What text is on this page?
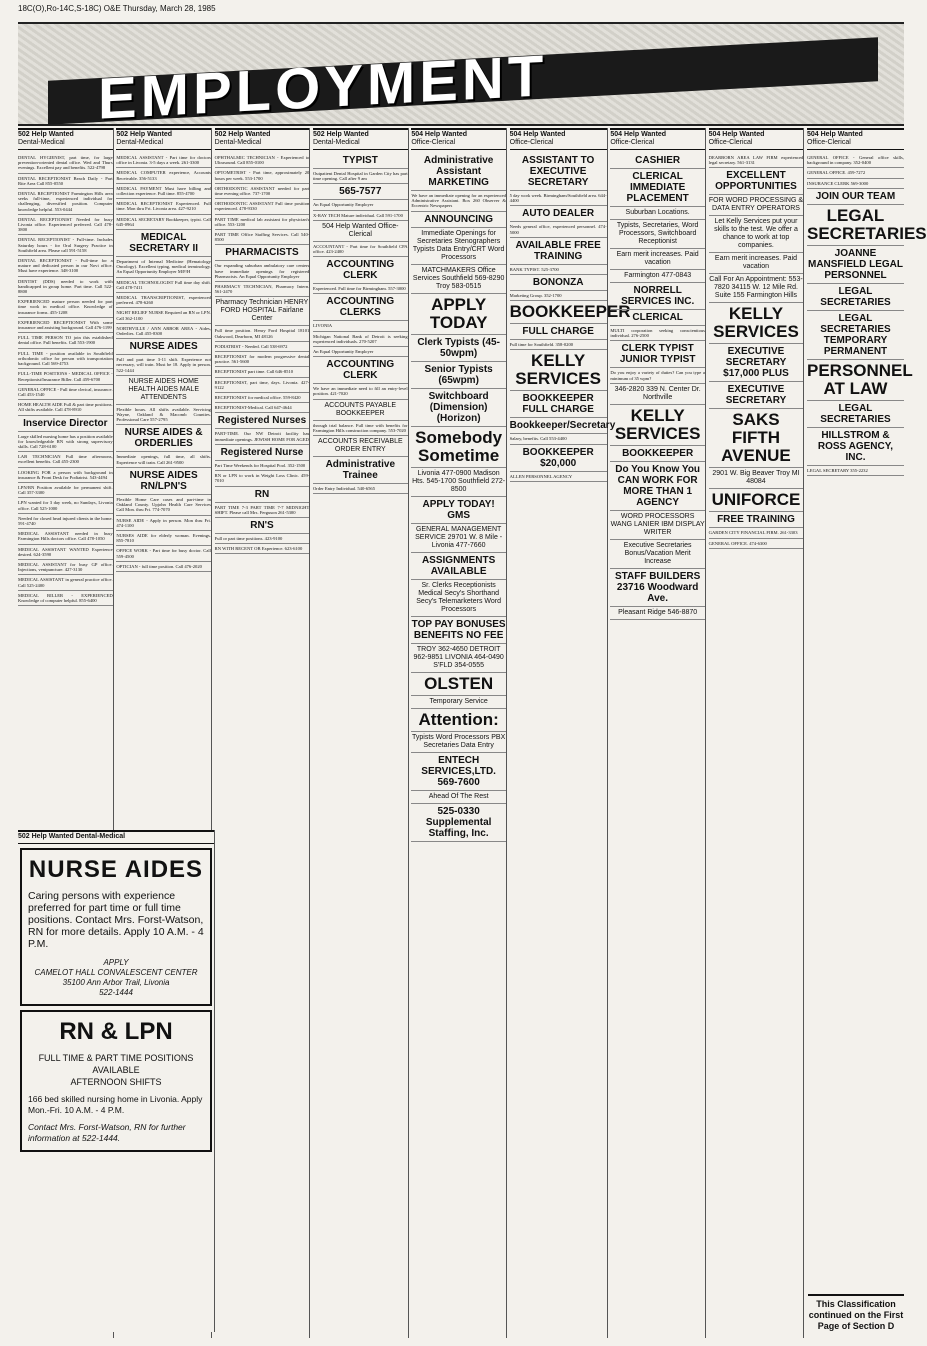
18C(O),Ro-14C,S-18C) O&E Thursday, March 28, 1985
EMPLOYMENT
502 Help Wanted
Dental-Medical
DENTAL HYGIENIST, part time, for large prevention-oriented dental office. Wed and Thurs evenings. Excellent pay and benefits. 522-4798
DENTAL RECEPTIONIST Beach Daily - Part Rite Area Call 855-0550
DENTAL RECEPTIONIST Farmington Hills area seeks full-time, experienced individual for challenging, diversified position. Computer knowledge helpful. 553-0444
DENTAL RECEPTIONIST Needed for busy Livonia office. Experienced preferred. Call 478-3800
DENTAL RECEPTIONIST - Full-time. Includes Saturday hours - for Oral Surgery Practice in Southfield area. Please call 591-5158
DENTAL RECEPTIONIST - Full-time for a mature and dedicated person in our Novi office. Must have experience. 348-3100
DENTIST (DDS) needed to work with handicapped in group home. Part time. Call 522-8800
EXPERIENCED mature person needed for part time work in medical office. Knowledge of insurance forms. 455-1208
EXPERIENCED RECEPTIONIST With some insurance and assisting background. Call 476-1199
FULL TIME PERSON TO join this established dental office. Full benefits. Call 553-1900
FULL TIME - position available in Southfield orthodontic office for person with transportation background. Call 569-4753
FULL-TIME POSITIONS - MEDICAL OFFICE - Receptionist/Insurance Biller. Call 459-6700
GENERAL OFFICE - Full time clerical, insurance. Call 453-1540
HOME HEALTH AIDE Full & part time positions. All shifts available. Call 478-8910
Inservice Director
Large skilled nursing home has a position available for knowledgeable RN with strong supervisory skills. Call 728-6100
LAB TECHNICIAN Full time afternoons, excellent benefits. Call 455-2300
LOOKING FOR a person with background in insurance & Front Desk for Podiatrist. 543-4494
LPN/RN Position available for permanent shift. Call 357-3300
LPN wanted for 3 day week, no Sundays, Livonia office. Call 525-1000
Needed for closed head injured clients in the home. 591-4740
MEDICAL ASSISTANT needed in busy Farmington Hills doctors office. Call 478-1050
MEDICAL ASSISTANT WANTED Experience desired. 624-3590
MEDICAL ASSISTANT for busy GP office. Injections, venipuncture. 427-3130
MEDICAL ASSISTANT in general practice office. Call 525-2400
MEDICAL BILLER - EXPERIENCED Knowledge of computer helpful. 855-6400
502 Help Wanted
Dental-Medical
MEDICAL ASSISTANT - Part time for doctors office in Livonia. 3-5 days a week. 261-3300
MEDICAL COMPUTER experience, Accounts Receivable. 356-5133
MEDICAL PAYMENT Must have billing and collection experience. Full time. 855-4700
MEDICAL RECEPTIONIST Experienced. Full time. Mon thru Fri. Livonia area. 427-9210
MEDICAL SECRETARY Bookkeeper, typist. Call 645-0964
MEDICAL SECRETARY II
Department of Internal Medicine (Hematology Oncology). Excellent typing, medical terminology. An Equal Opportunity Employer M/F/H
MEDICAL TECHNOLOGIST Full time day shift. Call 478-7411
MEDICAL TRANSCRIPTIONIST, experienced preferred. 478-6260
NIGHT RELIEF NURSE Required an RN or LPN. Call 362-1100
NORTHVILLE / ANN ARBOR AREA - Aides, Orderlies. Call 455-8300
NURSE AIDES
Full and part time 3-11 shift. Experience not necessary, will train. Must be 18. Apply in person. 522-1444
NURSE AIDES HOME HEALTH AIDES MALE ATTENDENTS
Flexible hours. All shifts available. Servicing Wayne, Oakland & Macomb Counties. Professional Care 557-2795
NURSE AIDES & ORDERLIES
Immediate openings, full time, all shifts. Experience will train. Call 261-9500
NURSE AIDES RN/LPN'S
Flexible Home Care cases and part-time in Oakland County. Upjohn Health Care Services Call Mon. thru Fri. 774-7070
NURSE AIDE - Apply in person. Mon thru Fri. 474-1100
NURSES AIDE for elderly woman. Evenings. 855-7810
OFFICE WORK - Part time for busy doctor. Call 559-4500
OPTICIAN - full time position. Call 476-2020
502 Help Wanted
Dental-Medical
OPHTHALMIC TECHNICIAN - Experienced to Ultrasound. Call 855-0100
OPTOMETRIST - Part time, approximately 20 hours per week. 553-1700
ORTHODONTIC ASSISTANT needed for part time evening office. 737-1700
ORTHODONTIC ASSISTANT Full time position experienced. 478-9330
PART TIME medical lab assistant for physician's office. 553-1200
PART TIME Office Staffing Services. Call 540-8500
PHARMACISTS
Our expanding suburban ambulatory care centers have immediate openings for registered Pharmacists. An Equal Opportunity Employer
PHARMACY TECHNICIAN, Pharmacy Intern. 561-2470
Pharmacy Technician HENRY FORD HOSPITAL Fairlane Center
Full time position. Henry Ford Hospital 18101 Oakwood, Dearborn, MI 48126
PODIATRIST - Needed. Call 538-6972
RECEPTIONIST for modern progressive dental practice. 561-5600
RECEPTIONIST part time. Call 646-8510
RECEPTIONIST, part time, days. Livonia. 427-9122
RECEPTIONIST for medical office. 559-8420
RECEPTIONIST-Medical. Call 647-4644
Registered Nurses
PART-TIME. Our NW Detroit facility has immediate openings. JEWISH HOME FOR AGED
Registered Nurse
Part Time Weekends for Hospital Pool. 352-1500
RN or LPN to work in Weight Loss Clinic. 459-7010
RN
PART TIME 7-3 PART TIME 7-7 MIDNIGHT SHIFT. Please call Mrs. Ferguson 261-5300
RN'S
Full or part time positions. 423-9100
RN WITH RECENT OB Experience. 623-6100
502 Help Wanted
Dental-Medical
TYPIST
Outpatient Dental Hospital in Garden City has part time opening. Call after 9 am
565-7577
An Equal Opportunity Employer
X-RAY TECH Mature individual. Call 591-1700
504 Help Wanted Office-Clerical
ACCOUNTANT - Part time for Southfield CPA office. 423-2400
ACCOUNTING CLERK
Experienced. Full time for Birmingham. 557-3000
ACCOUNTING CLERKS
LIVONIA
Michigan National Bank of Detroit is seeking experienced individuals. 270-5207
An Equal Opportunity Employer
ACCOUNTING CLERK
We have an immediate need to fill an entry-level position. 421-7020
ACCOUNTS PAYABLE BOOKKEEPER
through trial balance. Full time with benefits for Farmington Hills construction company. 553-7020
ACCOUNTS RECEIVABLE ORDER ENTRY
Administrative Trainee
Order Entry Individual. 540-6565
504 Help Wanted
Office-Clerical
Administrative Assistant MARKETING
We have an immediate opening for an experienced Administrative Assistant. Box 260 Observer & Eccentric Newspapers
ANNOUNCING
Immediate Openings for Secretaries Stenographers Typists Data Entry/CRT Word Processors
MATCHMAKERS Office Services Southfield 569-8290 Troy 583-0515
APPLY TODAY
Clerk Typists (45-50wpm)
Senior Typists (65wpm)
Switchboard (Dimension) (Horizon)
Somebody Sometime
Livonia 477-0900 Madison Hts. 545-1700 Southfield 272-8500
APPLY TODAY! GMS
GENERAL MANAGEMENT SERVICE 29701 W. 8 Mile - Livonia 477-7660
ASSIGNMENTS AVAILABLE
Sr. Clerks Receptionists Medical Secy's Shorthand Secy's Telemarketers Word Processors
TOP PAY BONUSES BENEFITS NO FEE
TROY 362-4650 DETROIT 962-9851 LIVONIA 464-0490 S'FLD 354-0555
OLSTEN
Temporary Service
Attention:
Typists Word Processors PBX Secretaries Data Entry
ENTECH SERVICES,LTD. 569-7600
Ahead Of The Rest
525-0330 Supplemental Staffing, Inc.
504 Help Wanted
Office-Clerical
ASSISTANT TO EXECUTIVE SECRETARY
5 day work week. Birmingham/Southfield area. 644-4400
AUTO DEALER
Needs general office, experienced personnel. 474-5000
AVAILABLE FREE TRAINING
BANK TYPIST. 525-3700
BONONZA
Marketing Group. 352-1700
BOOKKEEPER
FULL CHARGE
Full time for Southfield. 358-0200
KELLY SERVICES
BOOKKEEPER FULL CHARGE
Bookkeeper/Secretary
Salary, benefits. Call 553-4400
BOOKKEEPER $20,000
ALLEN PERSONNEL AGENCY
504 Help Wanted
Office-Clerical
CASHIER
CLERICAL IMMEDIATE PLACEMENT
Suburban Locations.
Typists, Secretaries, Word Processors, Switchboard Receptionist
Earn merit increases. Paid vacation
Farmington 477-0843
NORRELL SERVICES INC.
CLERICAL
MULTI corporation seeking conscientious individual. 276-2500
CLERK TYPIST JUNIOR TYPIST
Do you enjoy a variety of duties? Can you type a minimum of 35 wpm?
346-2820 339 N. Center Dr. Northville
KELLY SERVICES
BOOKKEEPER
Do You Know You CAN WORK FOR MORE THAN 1 AGENCY
WORD PROCESSORS WANG LANIER IBM DISPLAY WRITER
Executive Secretaries Bonus/Vacation Merit Increase
STAFF BUILDERS 23716 Woodward Ave.
Pleasant Ridge 546-8870
504 Help Wanted
Office-Clerical
DEARBORN AREA LAW FIRM experienced legal secretary. 561-3131
EXCELLENT OPPORTUNITIES
FOR WORD PROCESSING & DATA ENTRY OPERATORS
Let Kelly Services put your skills to the test. We offer a chance to work at top companies.
Earn merit increases. Paid vacation
Call For An Appointment: 553-7820 34115 W. 12 Mile Rd. Suite 155 Farmington Hills
KELLY SERVICES
EXECUTIVE SECRETARY $17,000 PLUS
EXECUTIVE SECRETARY
SAKS FIFTH AVENUE
2901 W. Big Beaver Troy MI 48084
UNIFORCE
FREE TRAINING
GARDEN CITY FINANCIAL FIRM. 261-3303
GENERAL OFFICE. 474-6300
504 Help Wanted
Office-Clerical
GENERAL OFFICE - General office skills, background in company. 352-0400
GENERAL OFFICE. 459-7272
INSURANCE CLERK 569-3000
JOIN OUR TEAM
LEGAL SECRETARIES
JOANNE MANSFIELD LEGAL PERSONNEL
LEGAL SECRETARIES
LEGAL SECRETARIES TEMPORARY PERMANENT
PERSONNEL AT LAW
LEGAL SECRETARIES
HILLSTROM & ROSS AGENCY, INC.
LEGAL SECRETARY 355-2232
502 Help Wanted Dental-Medical
NURSE AIDES

Caring persons with experience preferred for part time or full time positions. Contact Mrs. Forst-Watson, RN for more details. Apply 10 A.M. - 4 P.M.

APPLY
CAMELOT HALL CONVALESCENT CENTER
35100 Ann Arbor Trail, Livonia
522-1444
RN & LPN
FULL TIME & PART TIME POSITIONS AVAILABLE
AFTERNOON SHIFTS

166 bed skilled nursing home in Livonia. Apply Mon.-Fri. 10 A.M. - 4 P.M.

Contact Mrs. Forst-Watson, RN for further information at 522-1444.

This Classification continued on the First Page of Section D
